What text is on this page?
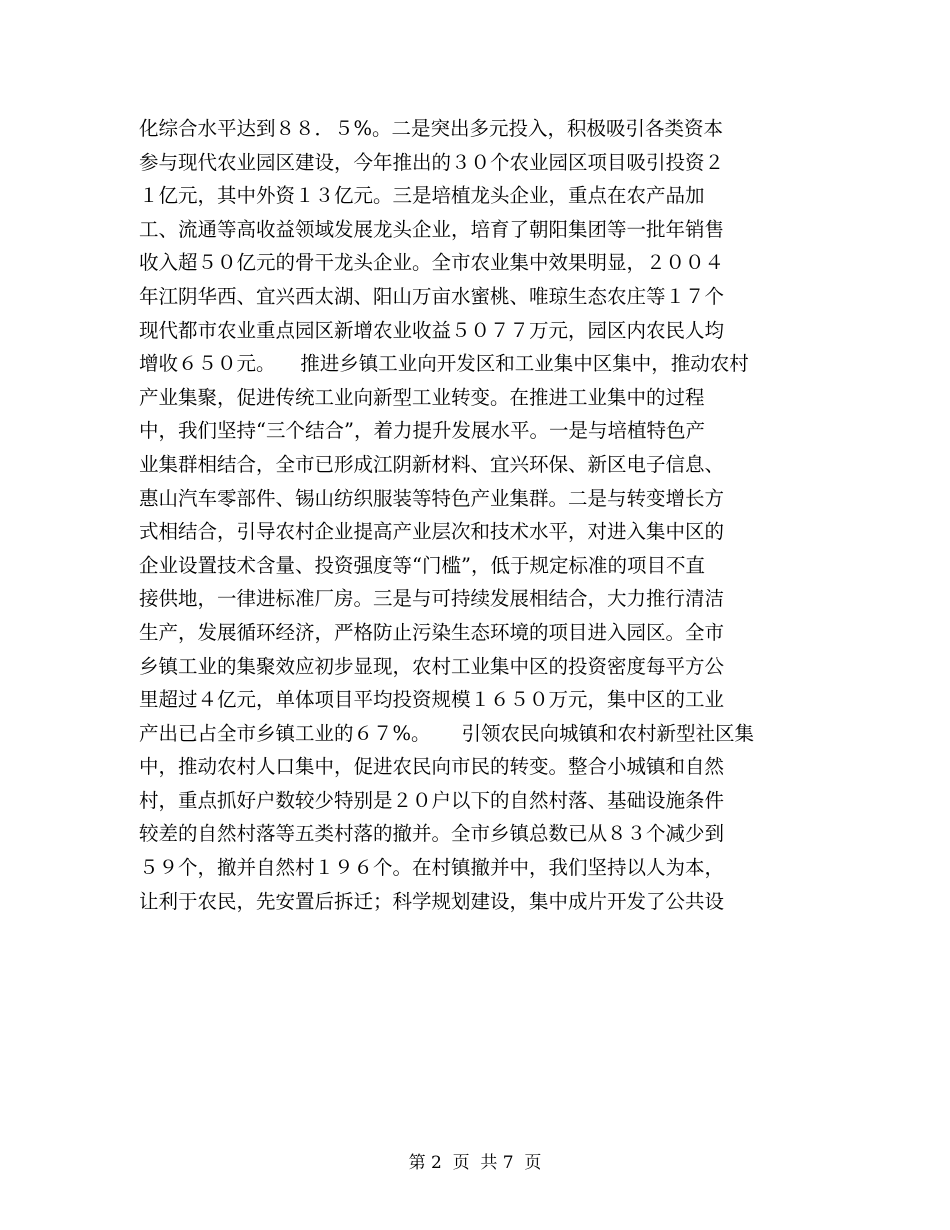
化综合水平达到８８．５%。二是突出多元投入，积极吸引各类资本
参与现代农业园区建设，今年推出的３０个农业园区项目吸引投资２
１亿元，其中外资１３亿元。三是培植龙头企业，重点在农产品加
工、流通等高收益领域发展龙头企业，培育了朝阳集团等一批年销售
收入超５０亿元的骨干龙头企业。全市农业集中效果明显，２００４
年江阴华西、宜兴西太湖、阳山万亩水蜜桃、唯琼生态农庄等１７个
现代都市农业重点园区新增农业收益５０７７万元，园区内农民人均
增收６５０元。    推进乡镇工业向开发区和工业集中区集中，推动农村
产业集聚，促进传统工业向新型工业转变。在推进工业集中的过程
中，我们坚持“三个结合”，着力提升发展水平。一是与培植特色产
业集群相结合，全市已形成江阴新材料、宜兴环保、新区电子信息、
惠山汽车零部件、锡山纺织服装等特色产业集群。二是与转变增长方
式相结合，引导农村企业提高产业层次和技术水平，对进入集中区的
企业设置技术含量、投资强度等“门槛”，低于规定标准的项目不直
接供地，一律进标准厂房。三是与可持续发展相结合，大力推行清洁
生产，发展循环经济，严格防止污染生态环境的项目进入园区。全市
乡镇工业的集聚效应初步显现，农村工业集中区的投资密度每平方公
里超过４亿元，单体项目平均投资规模１６５０万元，集中区的工业
产出已占全市乡镇工业的６７%。     引领农民向城镇和农村新型社区集
中，推动农村人口集中，促进农民向市民的转变。整合小城镇和自然
村，重点抓好户数较少特别是２０户以下的自然村落、基础设施条件
较差的自然村落等五类村落的撤并。全市乡镇总数已从８３个减少到
５９个，撤并自然村１９６个。在村镇撤并中，我们坚持以人为本，
让利于农民，先安置后拆迁；科学规划建设，集中成片开发了公共设
第 2  页  共 7  页
